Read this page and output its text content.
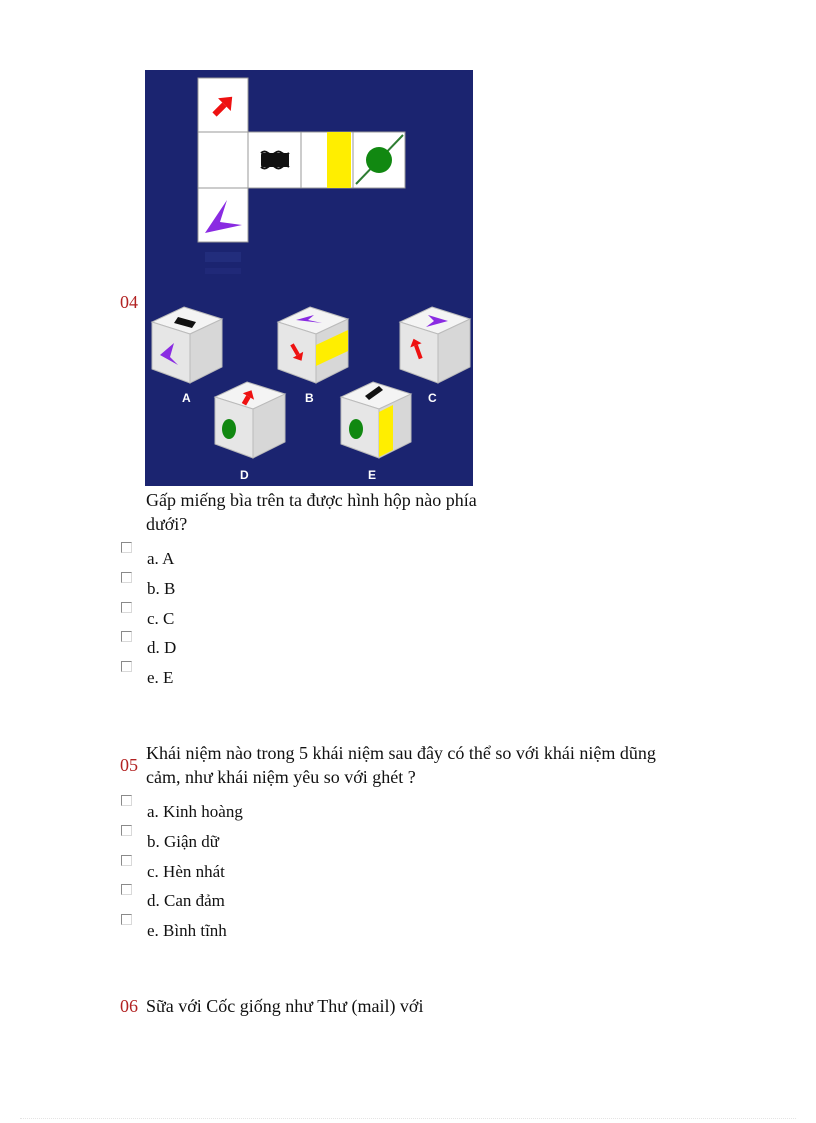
04
A	B	C
D	E
Gấp miếng bìa trên ta được hình hộp nào phía
dưới?
a. A
b. B
c. C
d. D
e. E
05
Khái niệm nào trong 5 khái niệm sau đây có thể so với khái niệm dũng
cảm, như khái niệm yêu so với ghét ?
a. Kinh hoàng
b. Giận dữ
c. Hèn nhát
d. Can đảm
e. Bình tĩnh
06 Sữa với Cốc giống như Thư (mail) với
